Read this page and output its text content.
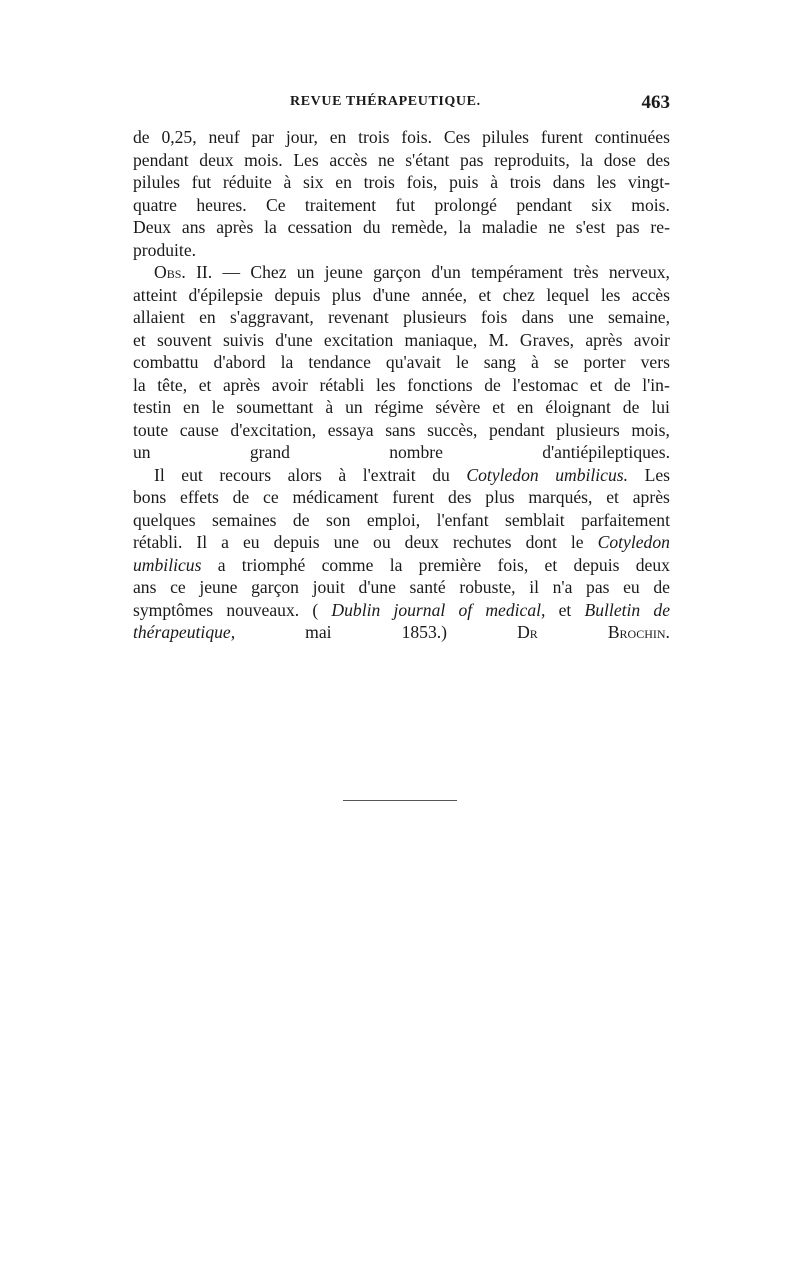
REVUE THÉRAPEUTIQUE.	463
de 0,25, neuf par jour, en trois fois. Ces pilules furent continuées
pendant deux mois. Les accès ne s'étant pas reproduits, la dose des
pilules fut réduite à six en trois fois, puis à trois dans les vingt-
quatre heures. Ce traitement fut prolongé pendant six mois.
Deux ans après la cessation du remède, la maladie ne s'est pas re-
produite.
Obs. II. — Chez un jeune garçon d'un tempérament très nerveux,
atteint d'épilepsie depuis plus d'une année, et chez lequel les accès
allaient en s'aggravant, revenant plusieurs fois dans une semaine,
et souvent suivis d'une excitation maniaque, M. Graves, après avoir
combattu d'abord la tendance qu'avait le sang à se porter vers
la tête, et après avoir rétabli les fonctions de l'estomac et de l'in-
testin en le soumettant à un régime sévère et en éloignant de lui
toute cause d'excitation, essaya sans succès, pendant plusieurs mois,
un	grand	nombre	d'antiépileptiques.
Il eut recours alors à l'extrait du Cotyledon umbilicus. Les
bons effets de ce médicament furent des plus marqués, et après
quelques semaines de son emploi, l'enfant semblait parfaitement
rétabli. Il a eu depuis une ou deux rechutes dont le Cotyledon
umbilicus a triomphé comme la première fois, et depuis deux
ans ce jeune garçon jouit d'une santé robuste, il n'a pas eu de
symptômes nouveaux. ( Dublin journal of medical, et Bulletin de
thérapeutique,	mai	1853.)	Dr	Brochin.
